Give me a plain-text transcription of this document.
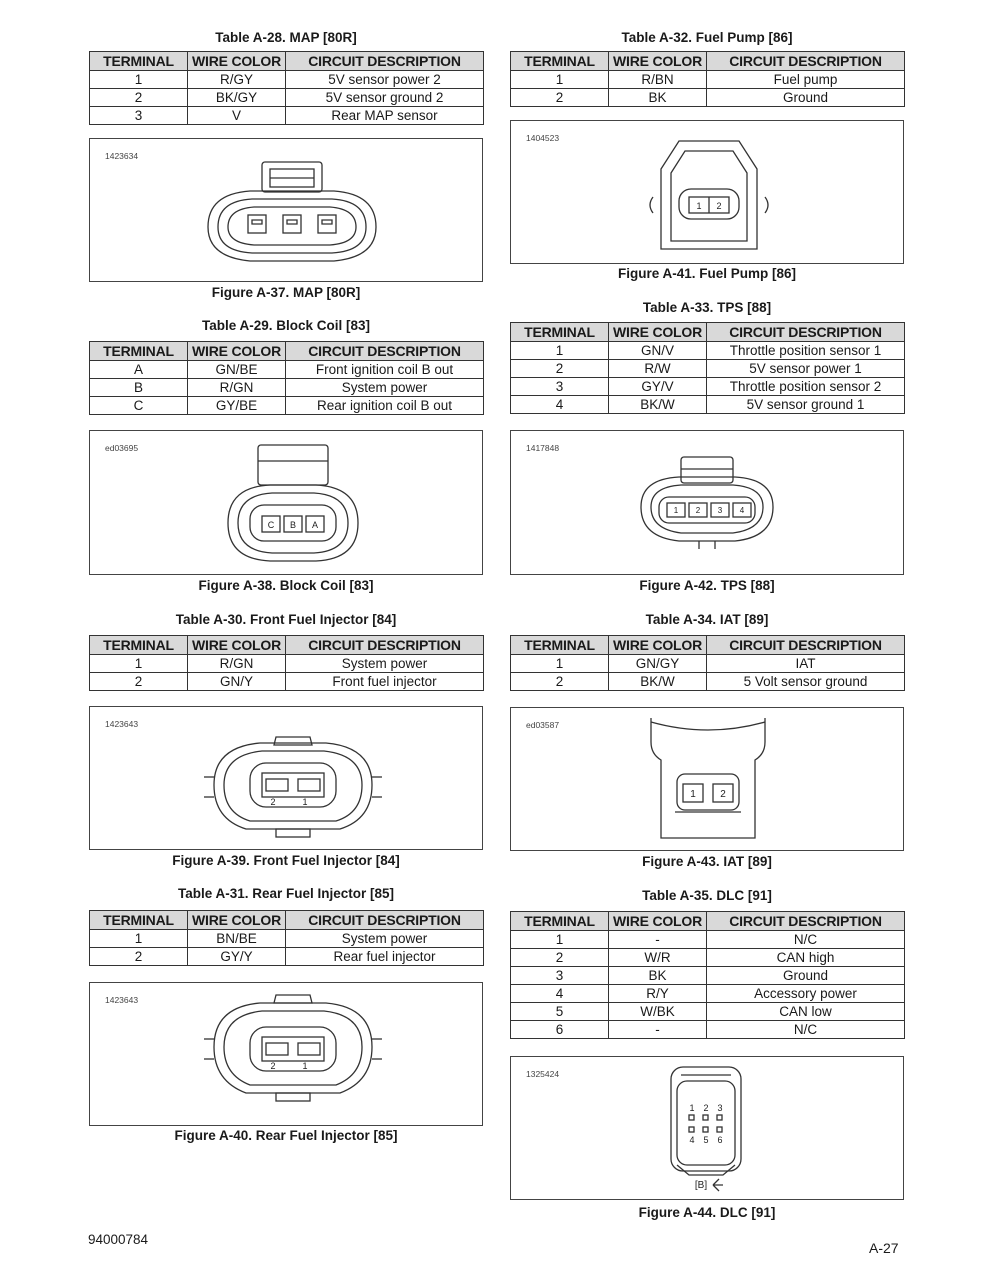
Table A-28. MAP [80R]
TERMINAL	WIRE COLOR	CIRCUIT DESCRIPTION
1	R/GY	5V sensor power 2
2	BK/GY	5V sensor ground 2
3	V	Rear MAP sensor
1423634
Figure A-37. MAP [80R]
Table A-29. Block Coil [83]
TERMINAL	WIRE COLOR	CIRCUIT DESCRIPTION
A	GN/BE	Front ignition coil B out
B	R/GN	System power
C	GY/BE	Rear ignition coil B out
ed03695
C B A
Figure A-38. Block Coil [83]
Table A-30. Front Fuel Injector [84]
TERMINAL	WIRE COLOR	CIRCUIT DESCRIPTION
1	R/GN	System power
2	GN/Y	Front fuel injector
1423643
2	1
Figure A-39. Front Fuel Injector [84]
Table A-31. Rear Fuel Injector [85]
TERMINAL	WIRE COLOR	CIRCUIT DESCRIPTION
1	BN/BE	System power
2	GY/Y	Rear fuel injector
1423643
2	1
Figure A-40. Rear Fuel Injector [85]
Table A-32. Fuel Pump [86]
TERMINAL	WIRE COLOR	CIRCUIT DESCRIPTION
1	R/BN	Fuel pump
2	BK	Ground
1404523
1 2
Figure A-41. Fuel Pump [86]
Table A-33. TPS [88]
TERMINAL	WIRE COLOR	CIRCUIT DESCRIPTION
1	GN/V	Throttle position sensor 1
2	R/W	5V sensor power 1
3	GY/V	Throttle position sensor 2
4	BK/W	5V sensor ground 1
1417848
1 2 3 4
Figure A-42. TPS [88]
Table A-34. IAT [89]
TERMINAL	WIRE COLOR	CIRCUIT DESCRIPTION
1	GN/GY	IAT
2	BK/W	5 Volt sensor ground
ed03587
1 2
Figure A-43. IAT [89]
Table A-35. DLC [91]
TERMINAL	WIRE COLOR	CIRCUIT DESCRIPTION
1	-	N/C
2	W/R	CAN high
3	BK	Ground
4	R/Y	Accessory power
5	W/BK	CAN low
6	-	N/C
1325424
1 2 3
4 5 6
[B]
Figure A-44. DLC [91]
94000784
A-27
